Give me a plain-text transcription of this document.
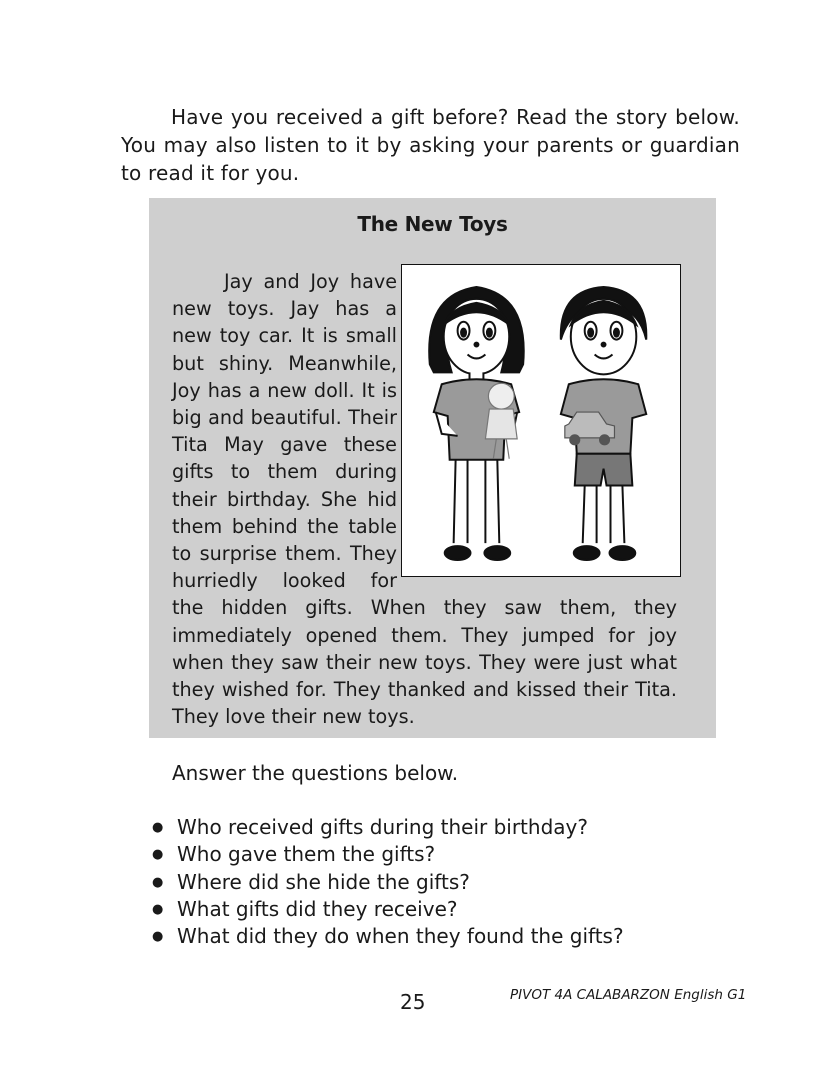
Have you received a gift before? Read the story below. You may also listen to it by asking your parents or guardian to read it for you.

The New Toys

Jay and Joy have new toys. Jay has a new toy car. It is small but shiny. Meanwhile, Joy has a new doll. It is big and beautiful. Their Tita May gave these gifts to them during their birthday. She hid them behind the table to surprise them. They hurriedly looked for the hidden gifts. When they saw them, they immediately opened them. They jumped for joy when they saw their new toys. They were just what they wished for. They thanked and kissed their Tita. They love their new toys.

Answer the questions below.

● Who received gifts during their birthday?
● Who gave them the gifts?
● Where did she hide the gifts?
● What gifts did they receive?
● What did they do when they found the gifts?

25	PIVOT 4A CALABARZON English G1
